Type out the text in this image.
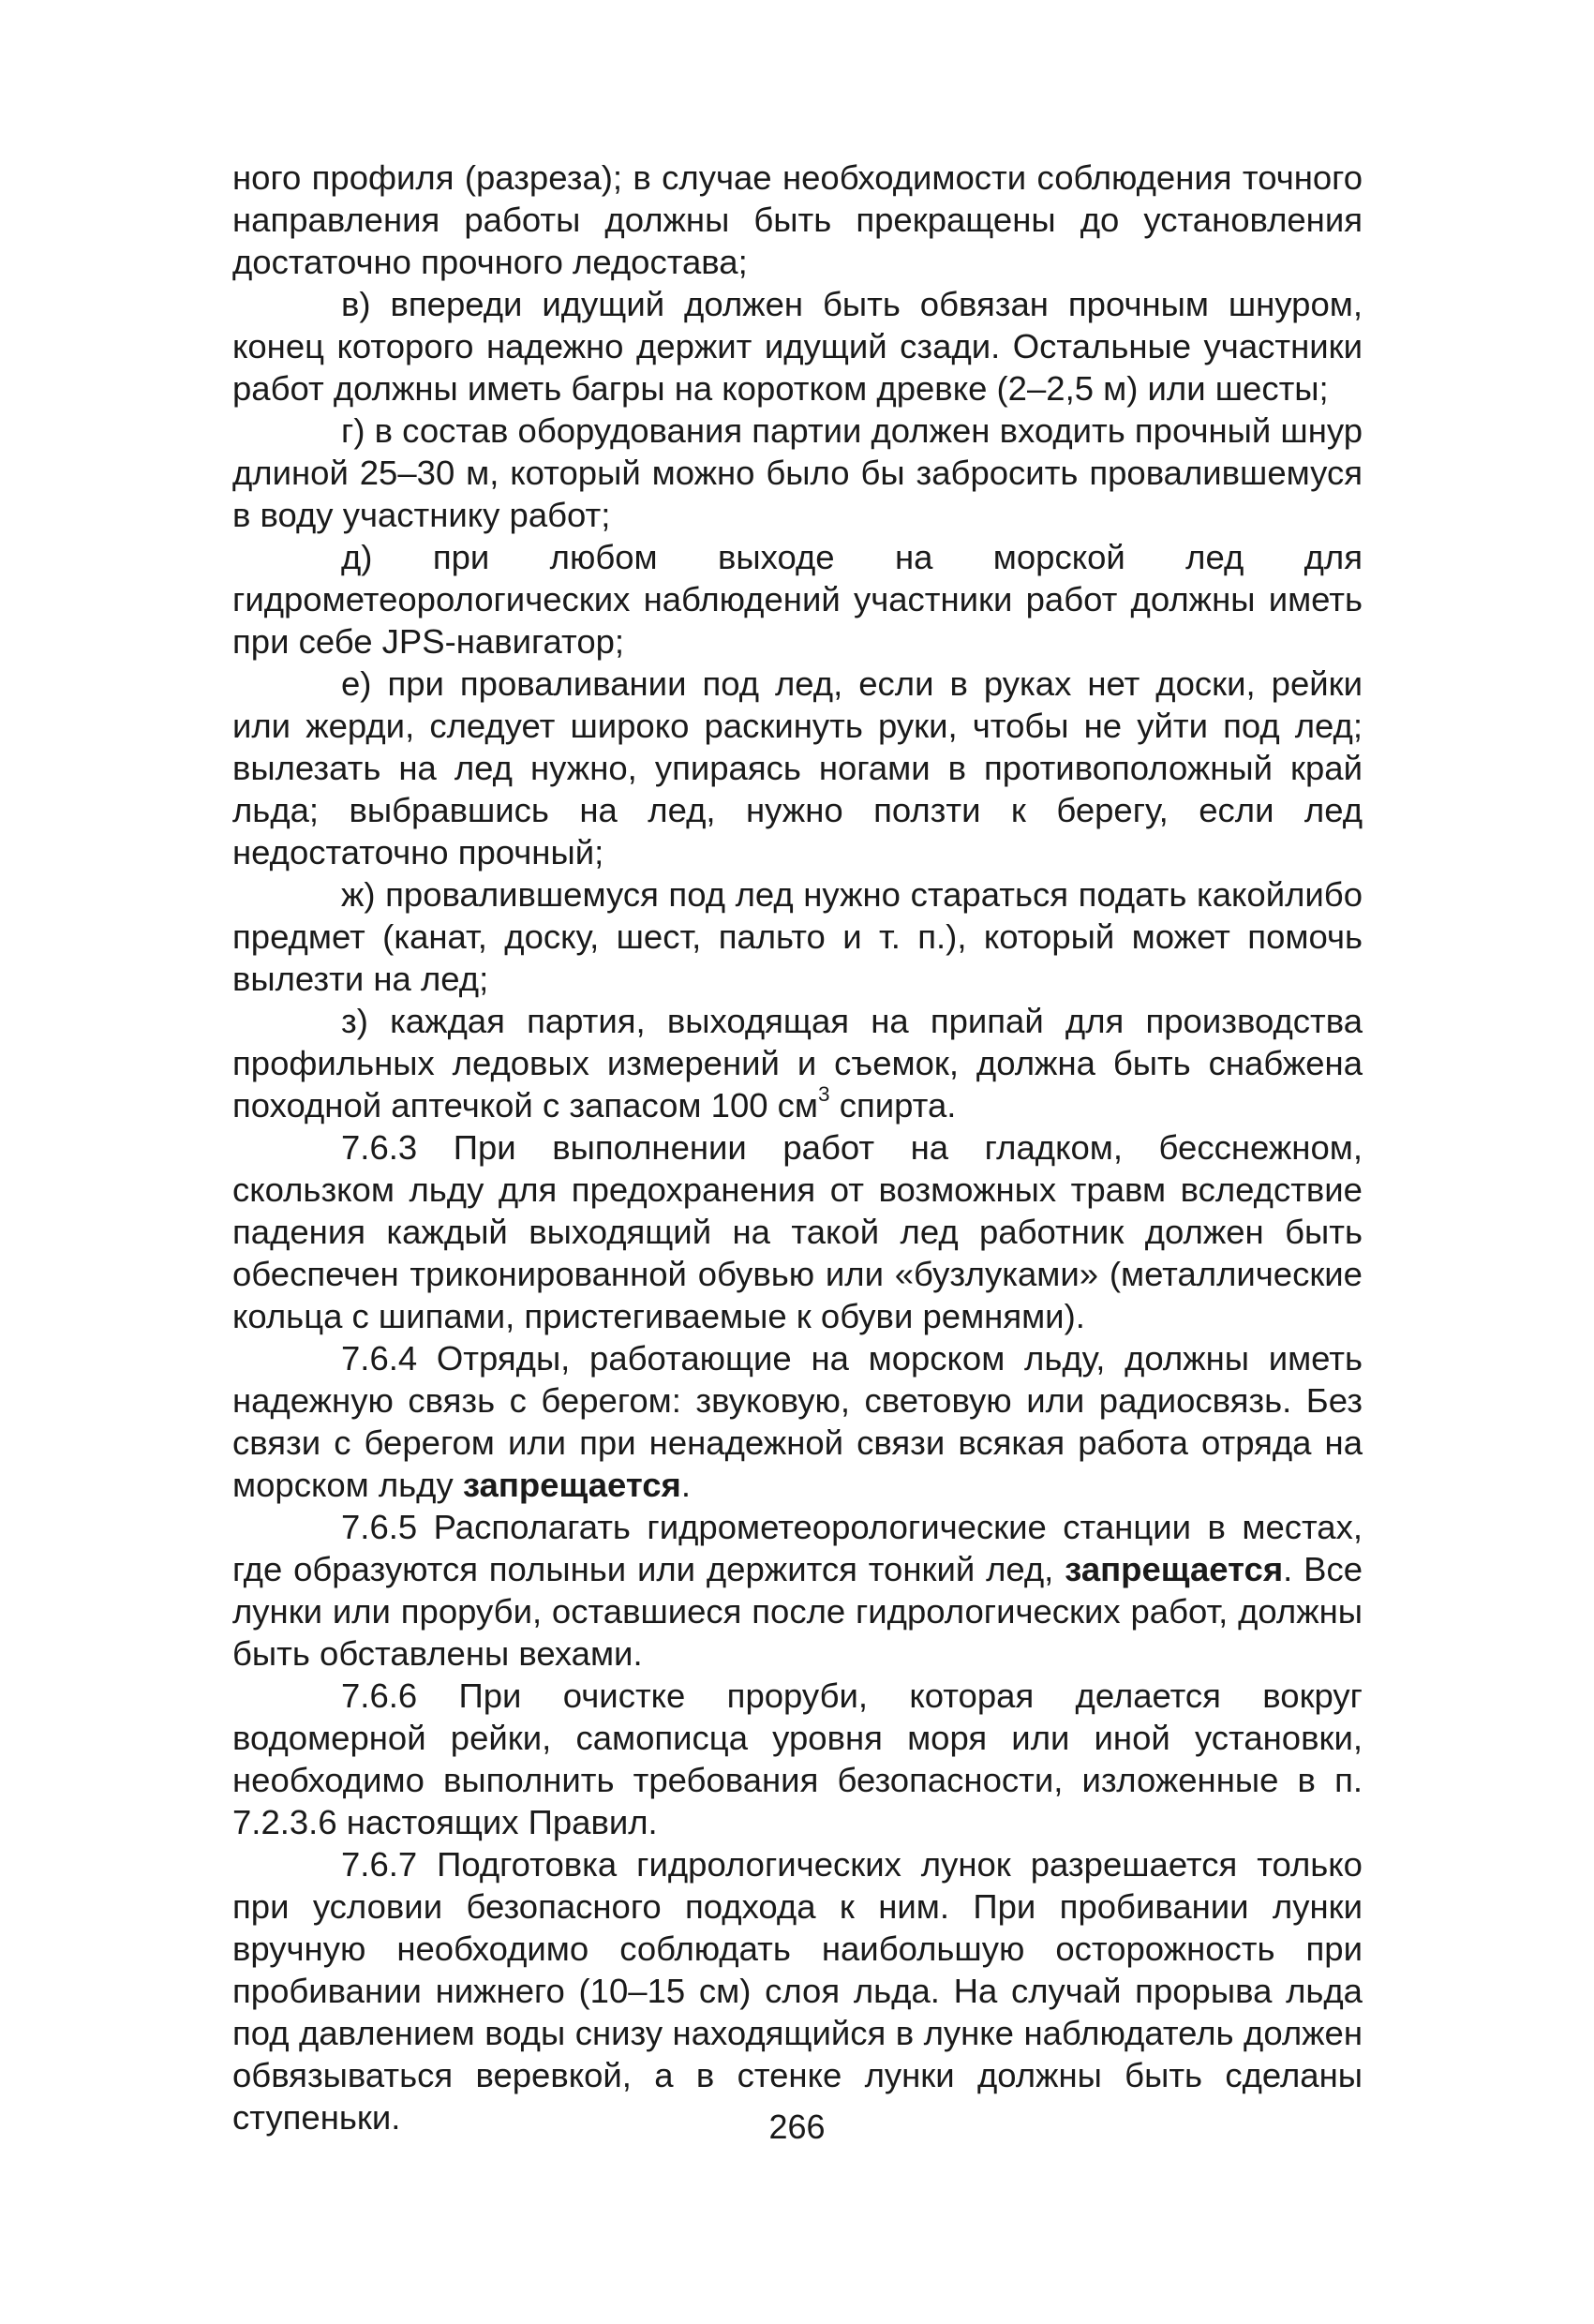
ного профиля (разреза); в случае необходимости соблюдения точного направления работы должны быть прекращены до установления достаточно прочного ледостава;

в) впереди идущий должен быть обвязан прочным шнуром, конец которого надежно держит идущий сзади. Остальные участники работ должны иметь багры на коротком древке (2–2,5 м) или шесты;

г) в состав оборудования партии должен входить прочный шнур длиной 25–30 м, который можно было бы забросить провалившемуся в воду участнику работ;

д) при любом выходе на морской лед для гидрометеорологических наблюдений участники работ должны иметь при себе JPS-навигатор;

е) при проваливании под лед, если в руках нет доски, рейки или жерди, следует широко раскинуть руки, чтобы не уйти под лед; вылезать на лед нужно, упираясь ногами в противоположный край льда; выбравшись на лед, нужно ползти к берегу, если лед недостаточно прочный;

ж) провалившемуся под лед нужно стараться подать какойлибо предмет (канат, доску, шест, пальто и т. п.), который может помочь вылезти на лед;

з) каждая партия, выходящая на припай для производства профильных ледовых измерений и съемок, должна быть снабжена походной аптечкой с запасом 100 $см^3$ спирта.

7.6.3 При выполнении работ на гладком, бесснежном, скользком льду для предохранения от возможных травм вследствие падения каждый выходящий на такой лед работник должен быть обеспечен триконированной обувью или «бузлуками» (металлические кольца с шипами, пристегиваемые к обуви ремнями).

7.6.4 Отряды, работающие на морском льду, должны иметь надежную связь с берегом: звуковую, световую или радиосвязь. Без связи с берегом или при ненадежной связи всякая работа отряда на морском льду запрещается.

7.6.5 Располагать гидрометеорологические станции в местах, где образуются полыньи или держится тонкий лед, запрещается. Все лунки или проруби, оставшиеся после гидрологических работ, должны быть обставлены вехами.

7.6.6 При очистке проруби, которая делается вокруг водомерной рейки, самописца уровня моря или иной установки, необходимо выполнить требования безопасности, изложенные в п. 7.2.3.6 настоящих Правил.

7.6.7 Подготовка гидрологических лунок разрешается только при условии безопасного подхода к ним. При пробивании лунки вручную необходимо соблюдать наибольшую осторожность при пробивании нижнего (10–15 см) слоя льда. На случай прорыва льда под давлением воды снизу находящийся в лунке наблюдатель должен обвязываться веревкой, а в стенке лунки должны быть сделаны ступеньки.	266
